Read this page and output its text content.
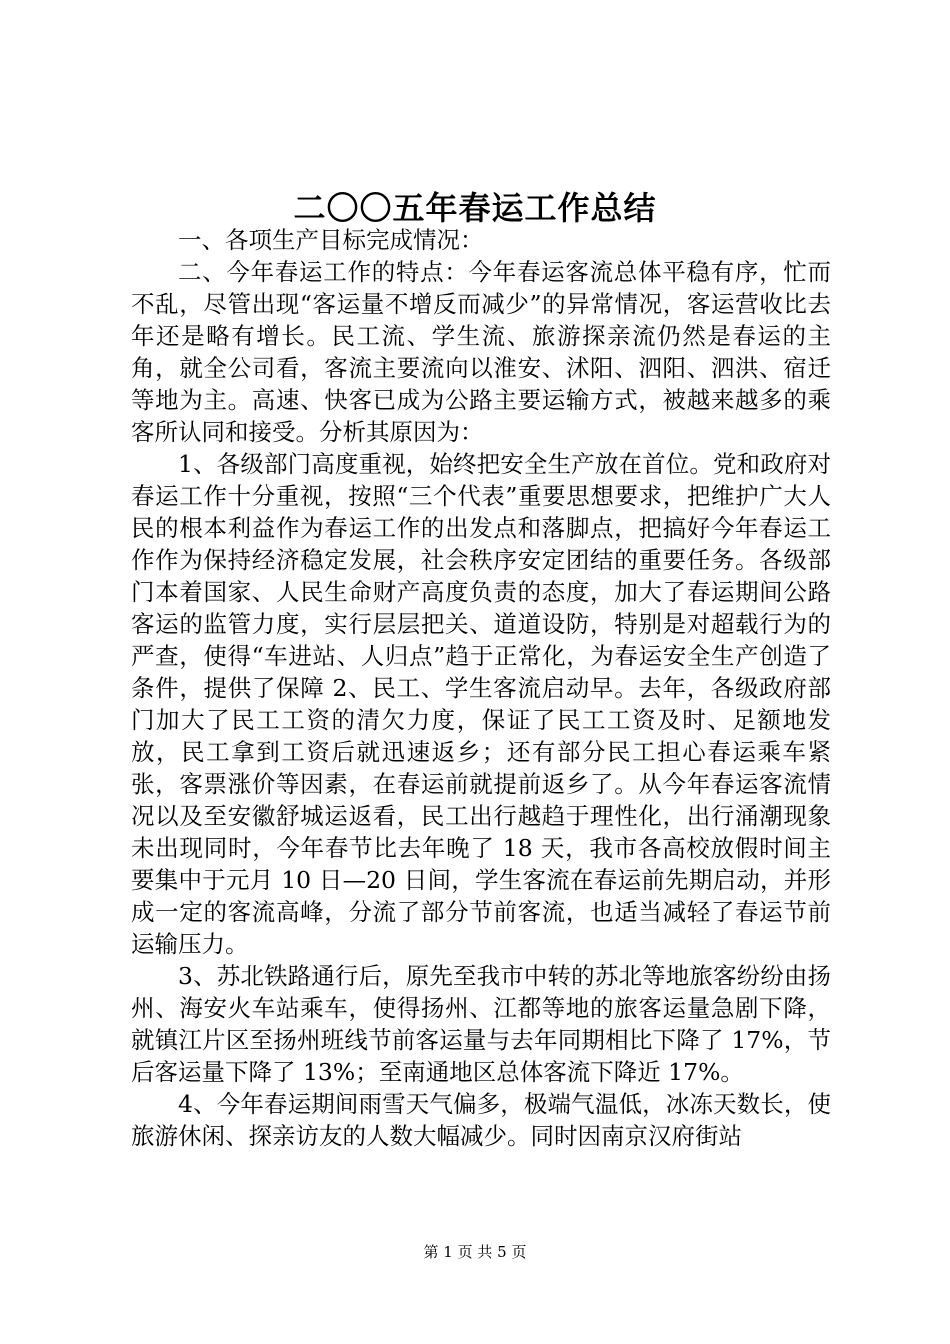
二〇〇五年春运工作总结

一、各项生产目标完成情况：

二、今年春运工作的特点：今年春运客流总体平稳有序，忙而不乱，尽管出现“客运量不增反而减少”的异常情况，客运营收比去年还是略有增长。民工流、学生流、旅游探亲流仍然是春运的主角，就全公司看，客流主要流向以淮安、沭阳、泗阳、泗洪、宿迁等地为主。高速、快客已成为公路主要运输方式，被越来越多的乘客所认同和接受。分析其原因为：

1、各级部门高度重视，始终把安全生产放在首位。党和政府对春运工作十分重视，按照“三个代表”重要思想要求，把维护广大人民的根本利益作为春运工作的出发点和落脚点，把搞好今年春运工作作为保持经济稳定发展，社会秩序安定团结的重要任务。各级部门本着国家、人民生命财产高度负责的态度，加大了春运期间公路客运的监管力度，实行层层把关、道道设防，特别是对超载行为的严查，使得“车进站、人归点”趋于正常化，为春运安全生产创造了条件，提供了保障 2、民工、学生客流启动早。去年，各级政府部门加大了民工工资的清欠力度，保证了民工工资及时、足额地发放，民工拿到工资后就迅速返乡；还有部分民工担心春运乘车紧张，客票涨价等因素，在春运前就提前返乡了。从今年春运客流情况以及至安徽舒城运返看，民工出行越趋于理性化，出行涌潮现象未出现同时，今年春节比去年晚了 18 天，我市各高校放假时间主要集中于元月 10 日—20 日间，学生客流在春运前先期启动，并形成一定的客流高峰，分流了部分节前客流，也适当减轻了春运节前运输压力。

3、苏北铁路通行后，原先至我市中转的苏北等地旅客纷纷由扬州、海安火车站乘车，使得扬州、江都等地的旅客运量急剧下降，就镇江片区至扬州班线节前客运量与去年同期相比下降了 17%，节后客运量下降了 13%；至南通地区总体客流下降近 17%。

4、今年春运期间雨雪天气偏多，极端气温低，冰冻天数长，使旅游休闲、探亲访友的人数大幅减少。同时因南京汉府街站

第 1 页 共 5 页
